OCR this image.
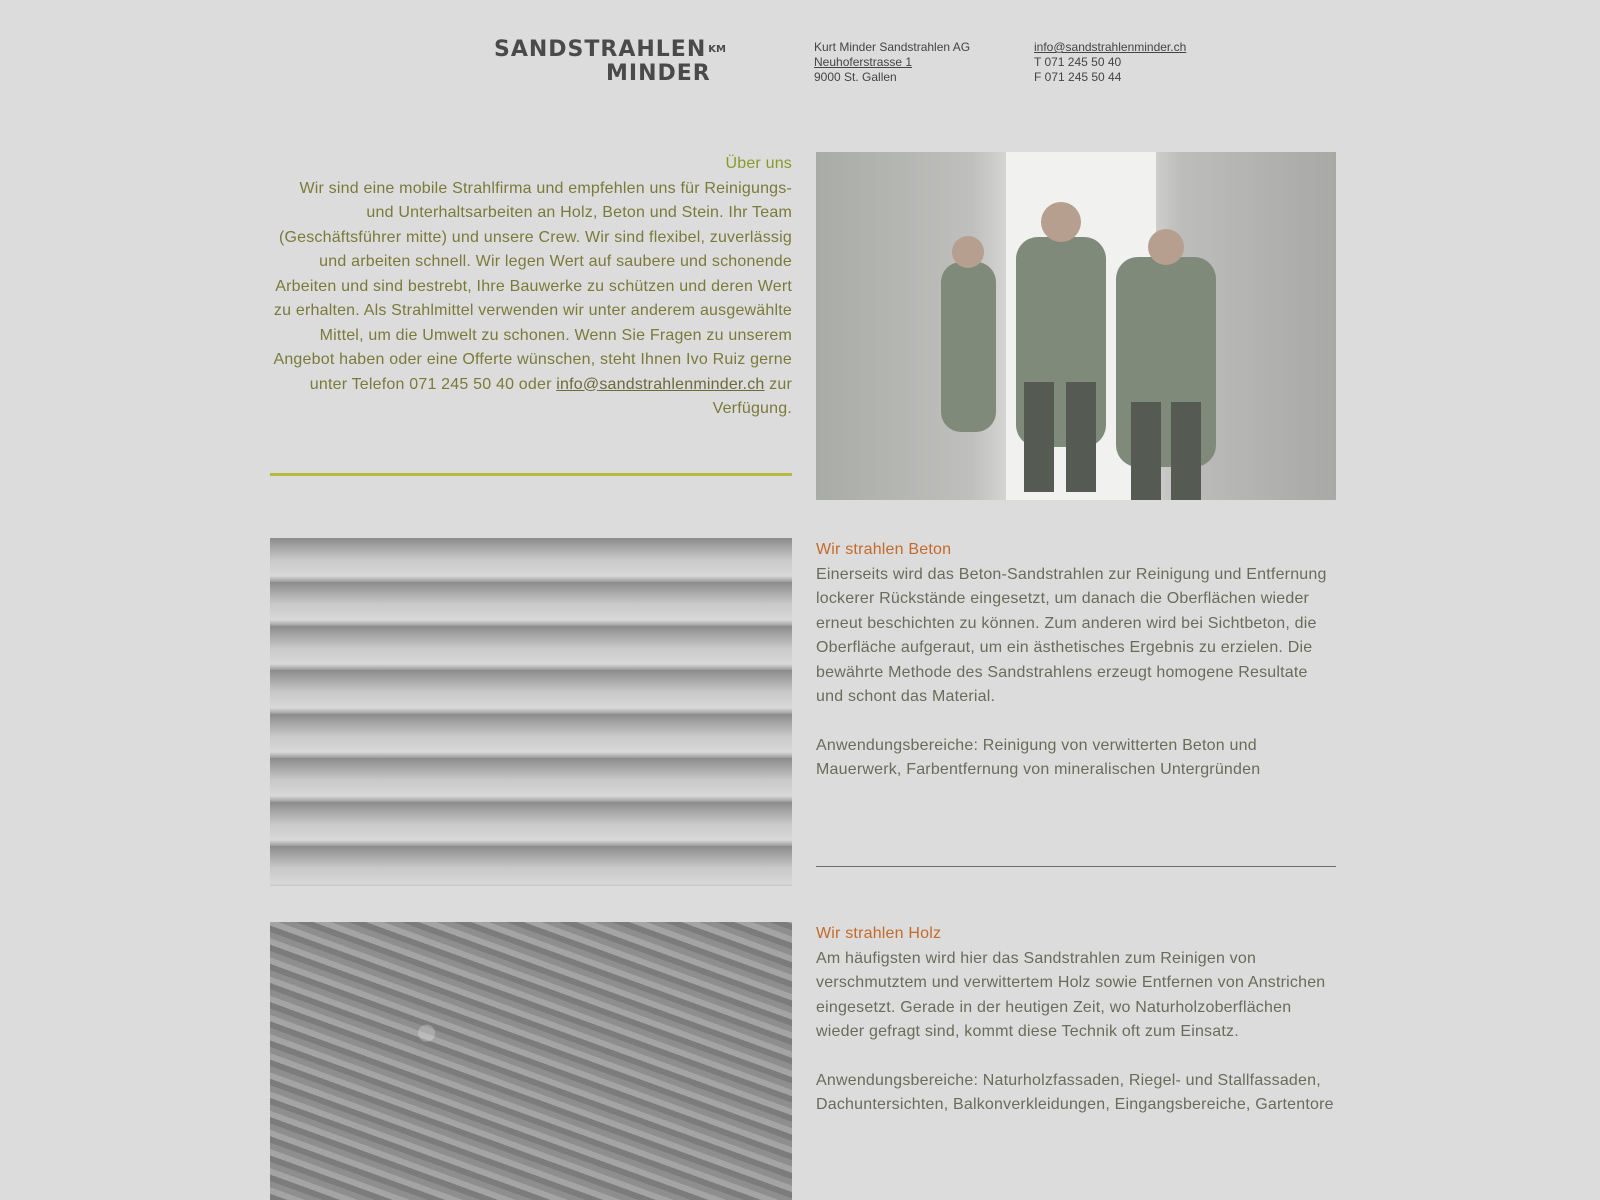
SANDSTRAHLEN $^{KM}$
MINDER
Kurt Minder Sandstrahlen AG
Neuhoferstrasse 1
9000 St. Gallen
info@sandstrahlenminder.ch
T 071 245 50 40
F 071 245 50 44
Über uns
Wir sind eine mobile Strahlfirma und empfehlen uns für Reinigungs- und Unterhaltsarbeiten an Holz, Beton und Stein. Ihr Team (Geschäftsführer mitte) und unsere Crew. Wir sind flexibel, zuverlässig und arbeiten schnell. Wir legen Wert auf saubere und schonende Arbeiten und sind bestrebt, Ihre Bauwerke zu schützen und deren Wert zu erhalten. Als Strahlmittel verwenden wir unter anderem ausgewählte Mittel, um die Umwelt zu schonen. Wenn Sie Fragen zu unserem Angebot haben oder eine Offerte wünschen, steht Ihnen Ivo Ruiz gerne unter Telefon 071 245 50 40 oder info@sandstrahlenminder.ch zur Verfügung.
Wir strahlen Beton
Einerseits wird das Beton-Sandstrahlen zur Reinigung und Entfernung lockerer Rückstände eingesetzt, um danach die Oberflächen wieder erneut beschichten zu können. Zum anderen wird bei Sichtbeton, die Oberfläche aufgeraut, um ein ästhetisches Ergebnis zu erzielen. Die bewährte Methode des Sandstrahlens erzeugt homogene Resultate und schont das Material.
Anwendungsbereiche: Reinigung von verwitterten Beton und Mauerwerk, Farbentfernung von mineralischen Untergründen
Wir strahlen Holz
Am häufigsten wird hier das Sandstrahlen zum Reinigen von verschmutztem und verwittertem Holz sowie Entfernen von Anstrichen eingesetzt. Gerade in der heutigen Zeit, wo Naturholzoberflächen wieder gefragt sind, kommt diese Technik oft zum Einsatz.
Anwendungsbereiche: Naturholzfassaden, Riegel- und Stallfassaden, Dachuntersichten, Balkonverkleidungen, Eingangsbereiche, Gartentore
